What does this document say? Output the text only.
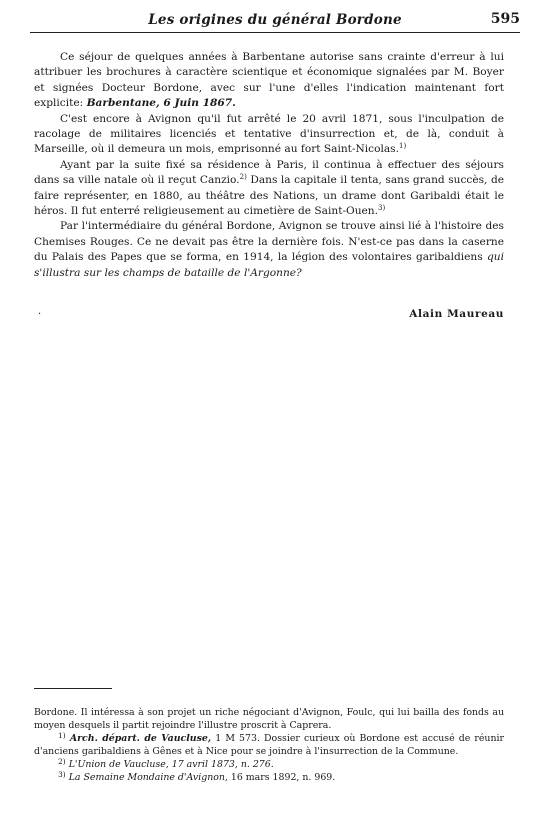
Les origines du général Bordone	595

Ce séjour de quelques années à Barbentane autorise sans crainte d'erreur à lui attribuer les brochures à caractère scientique et économique signalées par M. Boyer et signées Docteur Bordone, avec sur l'une d'elles l'indication maintenant fort explicite: Barbentane, 6 Juin 1867.

C'est encore à Avignon qu'il fut arrêté le 20 avril 1871, sous l'inculpation de racolage de militaires licenciés et tentative d'insurrection et, de là, conduit à Marseille, où il demeura un mois, emprisonné au fort Saint-Nicolas.$^{1)}$

Ayant par la suite fixé sa résidence à Paris, il continua à effectuer des séjours dans sa ville natale où il reçut Canzio.$^{2)}$ Dans la capitale il tenta, sans grand succès, de faire représenter, en 1880, au théâtre des Nations, un drame dont Garibaldi était le héros. Il fut enterré religieusement au cimetière de Saint-Ouen.$^{3)}$

Par l'intermédiaire du général Bordone, Avignon se trouve ainsi lié à l'histoire des Chemises Rouges. Ce ne devait pas être la dernière fois. N'est-ce pas dans la caserne du Palais des Papes que se forma, en 1914, la légion des volontaires garibaldiens qui s'illustra sur les champs de bataille de l'Argonne?

·	Alain Maureau

Bordone. Il intéressa à son projet un riche négociant d'Avignon, Foulc, qui lui bailla des fonds au moyen desquels il partit rejoindre l'illustre proscrit à Caprera.

$^{1)}$ Arch. départ. de Vaucluse, 1 M 573. Dossier curieux où Bordone est accusé de réunir d'anciens garibaldiens à Gênes et à Nice pour se joindre à l'insurrection de la Commune.

$^{2)}$ L'Union de Vaucluse, 17 avril 1873, n. 276.

$^{3)}$ La Semaine Mondaine d'Avignon, 16 mars 1892, n. 969.
